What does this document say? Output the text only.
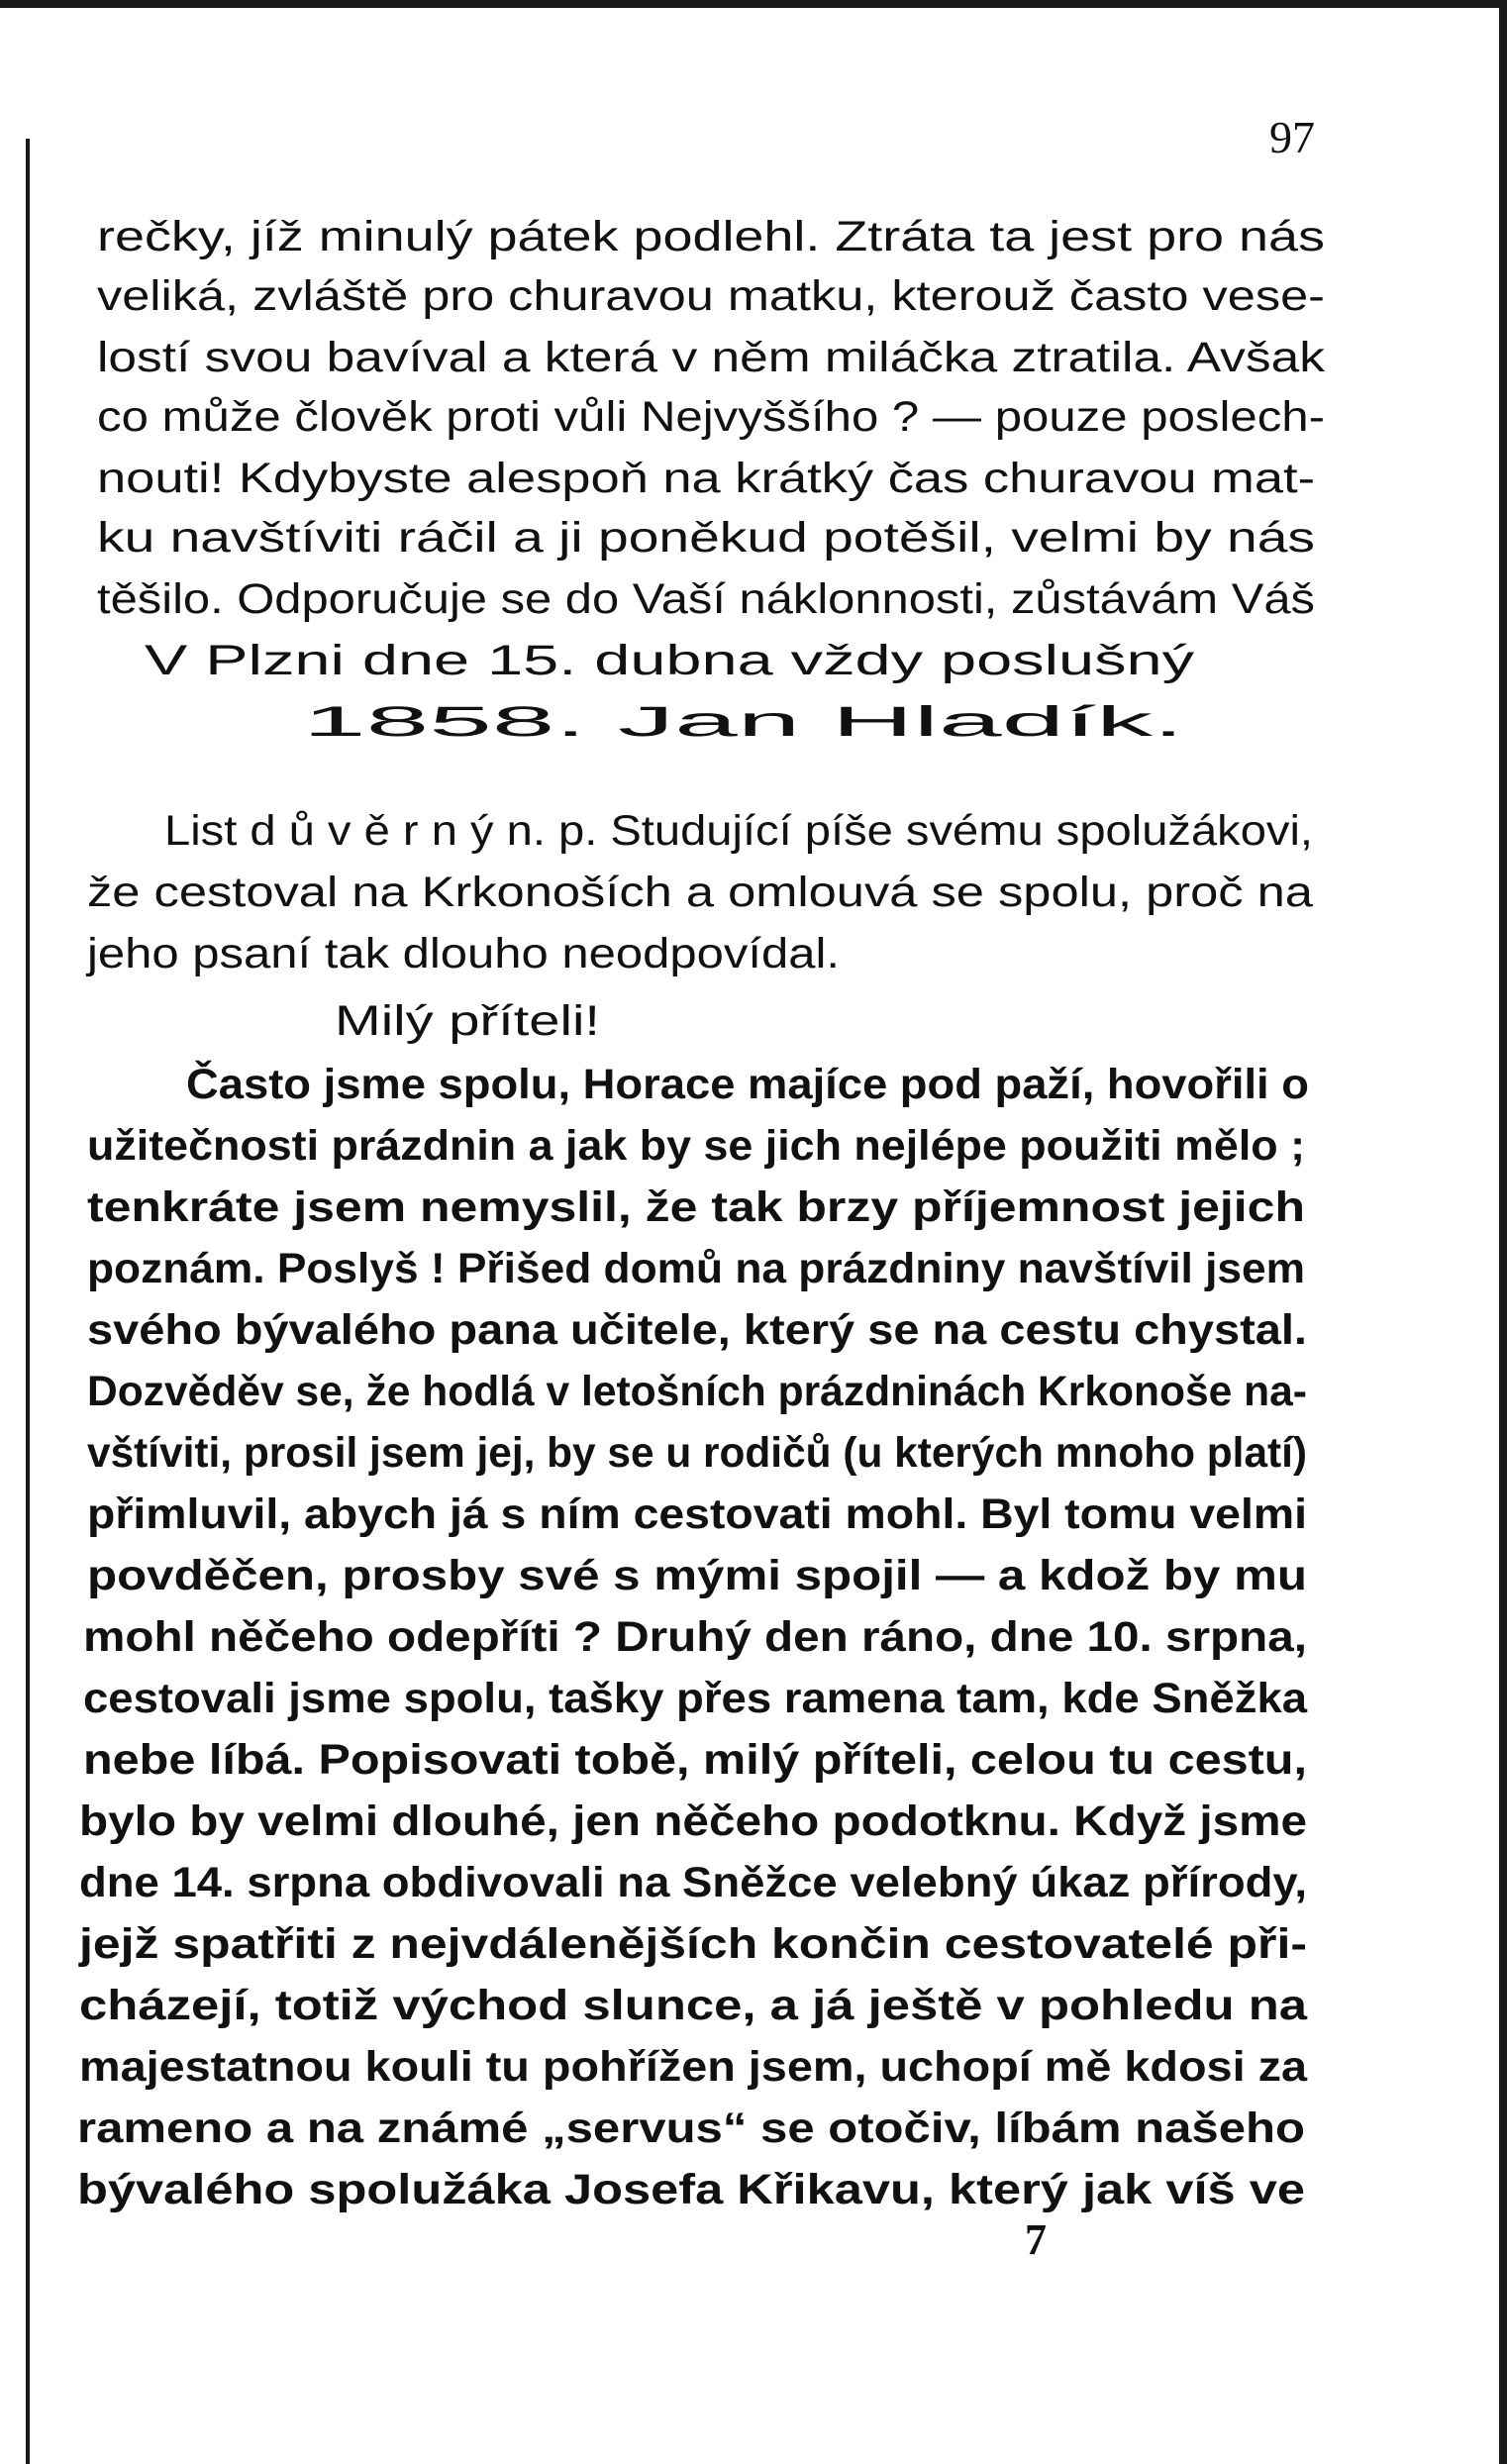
97
rečky, jíž minulý pátek podlehl. Ztráta ta jest pro nás
veliká, zvláště pro churavou matku, kterouž často vese-
lostí svou bavíval a která v něm miláčka ztratila. Avšak
co může člověk proti vůli Nejvyššího ? — pouze poslech-
nouti! Kdybyste alespoň na krátký čas churavou mat-
ku navštíviti ráčil a ji poněkud potěšil, velmi by nás
těšilo. Odporučuje se do Vaší náklonnosti, zůstávám Váš
V Plzni dne 15. dubna vždy poslušný
1858. Jan Hladík.
List d ů v ě r n ý n. p. Studující píše svému spolužákovi,
že cestoval na Krkonoších a omlouvá se spolu, proč na
jeho psaní tak dlouho neodpovídal.
Milý příteli!
Často jsme spolu, Horace majíce pod paží, hovořili o
užitečnosti prázdnin a jak by se jich nejlépe použiti mělo ;
tenkráte jsem nemyslil, že tak brzy příjemnost jejich
poznám. Poslyš ! Přišed domů na prázdniny navštívil jsem
svého bývalého pana učitele, který se na cestu chystal.
Dozvěděv se, že hodlá v letošních prázdninách Krkonoše na-
vštíviti, prosil jsem jej, by se u rodičů (u kterých mnoho platí)
přimluvil, abych já s ním cestovati mohl. Byl tomu velmi
povděčen, prosby své s mými spojil — a kdož by mu
mohl něčeho odepříti ? Druhý den ráno, dne 10. srpna,
cestovali jsme spolu, tašky přes ramena tam, kde Sněžka
nebe líbá. Popisovati tobě, milý příteli, celou tu cestu,
bylo by velmi dlouhé, jen něčeho podotknu. Když jsme
dne 14. srpna obdivovali na Sněžce velebný úkaz přírody,
jejž spatřiti z nejvdálenějších končin cestovatelé při-
cházejí, totiž východ slunce, a já ještě v pohledu na
majestatnou kouli tu pohřížen jsem, uchopí mě kdosi za
rameno a na známé „servus“ se otočiv, líbám našeho
bývalého spolužáka Josefa Křikavu, který jak víš ve
7
